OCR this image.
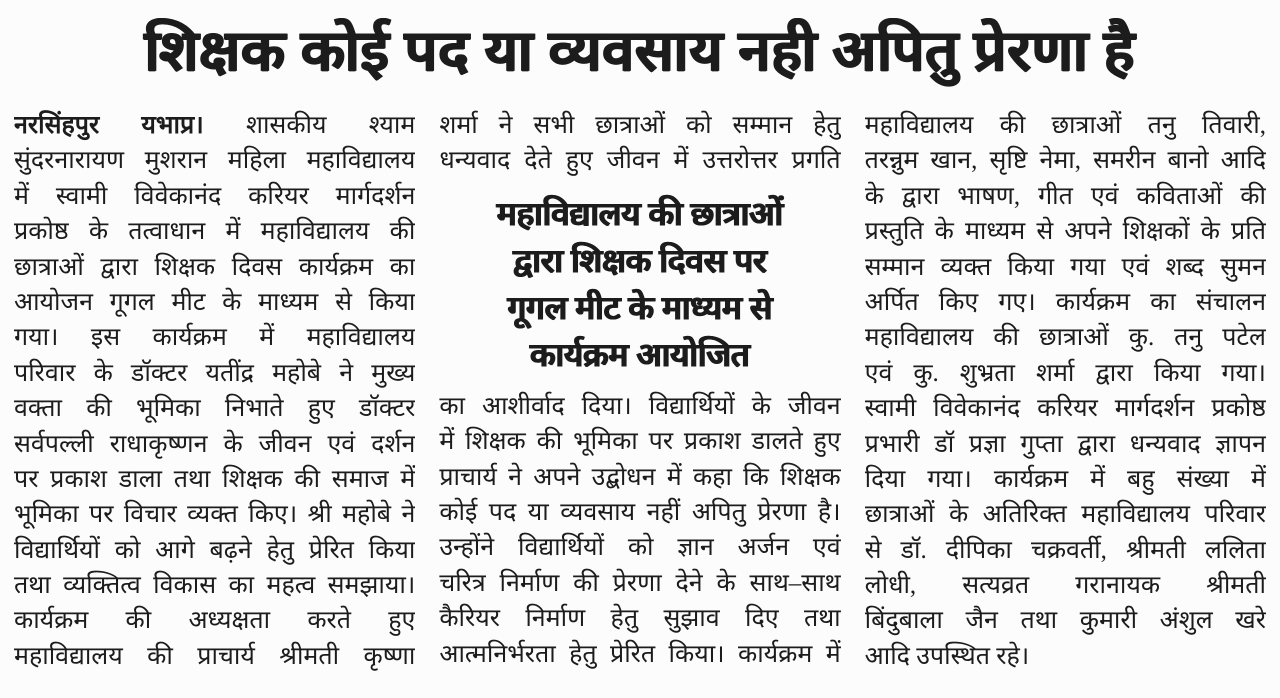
शिक्षक कोई पद या व्यवसाय नही अपितु प्रेरणा है
नरसिंहपुर यभाप्र। शासकीय श्याम
सुंदरनारायण मुशरान महिला महाविद्यालय
में स्वामी विवेकानंद करियर मार्गदर्शन
प्रकोष्ठ के तत्वाधान में महाविद्यालय की
छात्राओं द्वारा शिक्षक दिवस कार्यक्रम का
आयोजन गूगल मीट के माध्यम से किया
गया। इस कार्यक्रम में महाविद्यालय
परिवार के डॉक्टर यतींद्र महोबे ने मुख्य
वक्ता की भूमिका निभाते हुए डॉक्टर
सर्वपल्ली राधाकृष्णन के जीवन एवं दर्शन
पर प्रकाश डाला तथा शिक्षक की समाज में
भूमिका पर विचार व्यक्त किए। श्री महोबे ने
विद्यार्थियों को आगे बढ़ने हेतु प्रेरित किया
तथा व्यक्तित्व विकास का महत्व समझाया।
कार्यक्रम की अध्यक्षता करते हुए
महाविद्यालय की प्राचार्य श्रीमती कृष्णा
शर्मा ने सभी छात्राओं को सम्मान हेतु
धन्यवाद देते हुए जीवन में उत्तरोत्तर प्रगति
महाविद्यालय की छात्राओं
द्वारा शिक्षक दिवस पर
गूगल मीट के माध्यम से
कार्यक्रम आयोजित
का आशीर्वाद दिया। विद्यार्थियों के जीवन
में शिक्षक की भूमिका पर प्रकाश डालते हुए
प्राचार्य ने अपने उद्बोधन में कहा कि शिक्षक
कोई पद या व्यवसाय नहीं अपितु प्रेरणा है।
उन्होंने विद्यार्थियों को ज्ञान अर्जन एवं
चरित्र निर्माण की प्रेरणा देने के साथ–साथ
कैरियर निर्माण हेतु सुझाव दिए तथा
आत्मनिर्भरता हेतु प्रेरित किया। कार्यक्रम में
महाविद्यालय की छात्राओं तनु तिवारी,
तरन्नुम खान, सृष्टि नेमा, समरीन बानो आदि
के द्वारा भाषण, गीत एवं कविताओं की
प्रस्तुति के माध्यम से अपने शिक्षकों के प्रति
सम्मान व्यक्त किया गया एवं शब्द सुमन
अर्पित किए गए। कार्यक्रम का संचालन
महाविद्यालय की छात्राओं कु. तनु पटेल
एवं कु. शुभ्रता शर्मा द्वारा किया गया।
स्वामी विवेकानंद करियर मार्गदर्शन प्रकोष्ठ
प्रभारी डॉ प्रज्ञा गुप्ता द्वारा धन्यवाद ज्ञापन
दिया गया। कार्यक्रम में बहु संख्या में
छात्राओं के अतिरिक्त महाविद्यालय परिवार
से डॉ. दीपिका चक्रवर्ती, श्रीमती ललिता
लोधी, सत्यव्रत गरानायक श्रीमती
बिंदुबाला जैन तथा कुमारी अंशुल खरे
आदि उपस्थित रहे।
